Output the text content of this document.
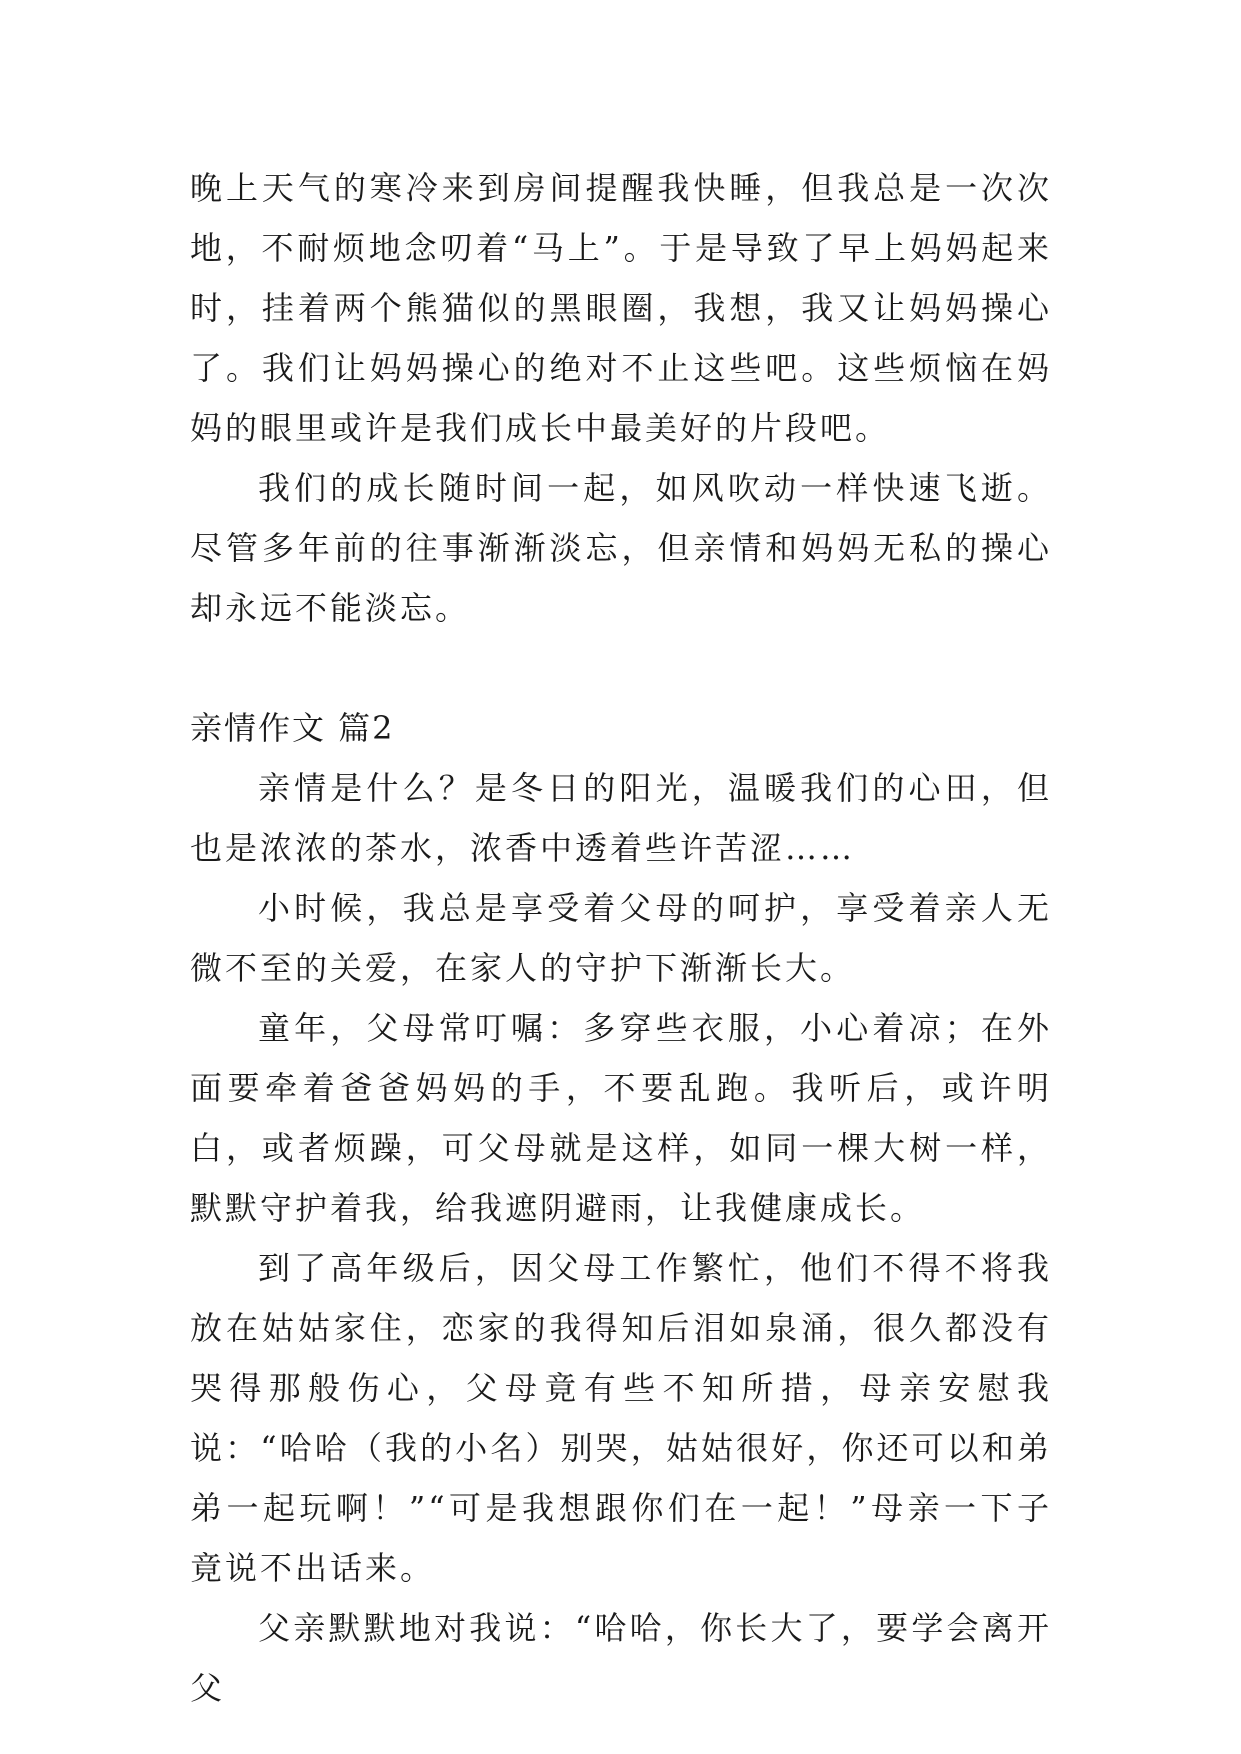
晚上天气的寒冷来到房间提醒我快睡，但我总是一次次地，不耐烦地念叨着“马上”。于是导致了早上妈妈起来时，挂着两个熊猫似的黑眼圈，我想，我又让妈妈操心了。我们让妈妈操心的绝对不止这些吧。这些烦恼在妈妈的眼里或许是我们成长中最美好的片段吧。

我们的成长随时间一起，如风吹动一样快速飞逝。尽管多年前的往事渐渐淡忘，但亲情和妈妈无私的操心却永远不能淡忘。

亲情作文 篇2

亲情是什么？是冬日的阳光，温暖我们的心田，但也是浓浓的茶水，浓香中透着些许苦涩……

小时候，我总是享受着父母的呵护，享受着亲人无微不至的关爱，在家人的守护下渐渐长大。

童年，父母常叮嘱：多穿些衣服，小心着凉；在外面要牵着爸爸妈妈的手，不要乱跑。我听后，或许明白，或者烦躁，可父母就是这样，如同一棵大树一样，默默守护着我，给我遮阴避雨，让我健康成长。

到了高年级后，因父母工作繁忙，他们不得不将我放在姑姑家住，恋家的我得知后泪如泉涌，很久都没有哭得那般伤心，父母竟有些不知所措，母亲安慰我说：“哈哈（我的小名）别哭，姑姑很好，你还可以和弟弟一起玩啊！”“可是我想跟你们在一起！”母亲一下子竟说不出话来。

父亲默默地对我说：“哈哈，你长大了，要学会离开父
